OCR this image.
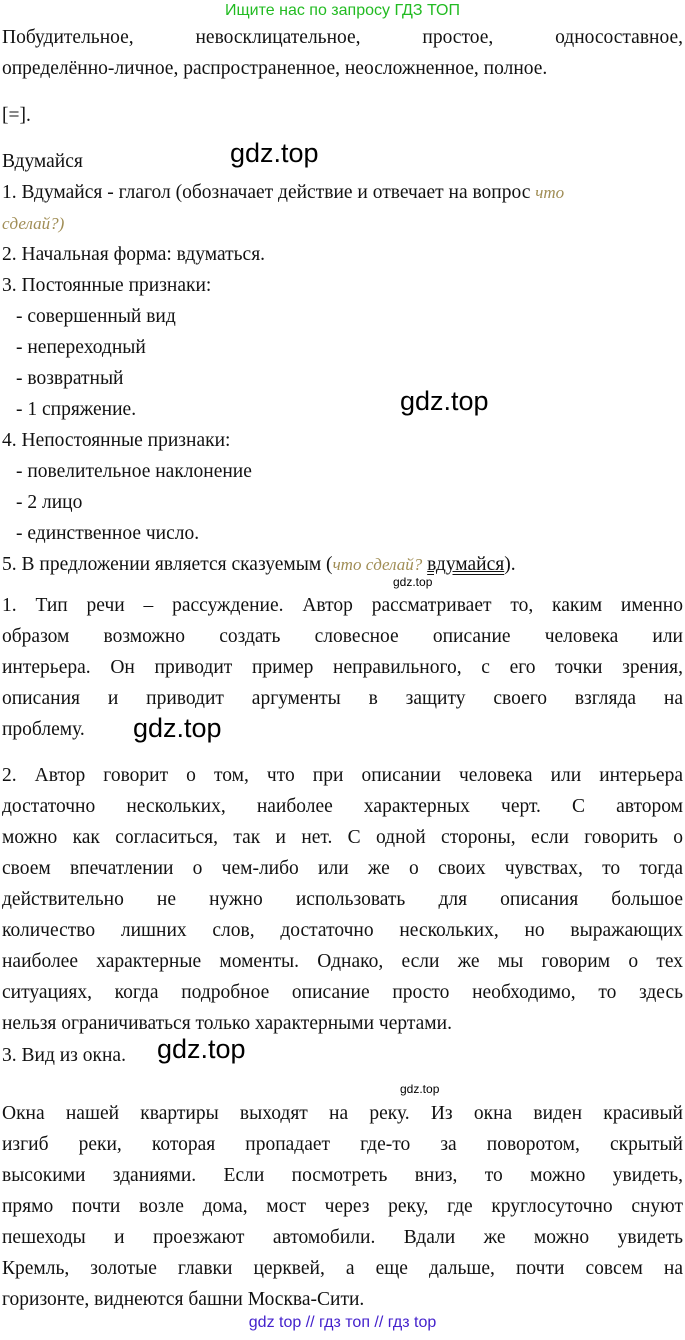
Ищите нас по запросу ГДЗ ТОП
Побудительное, невосклицательное, простое, односоставное,
определённо-личное, распространенное, неосложненное, полное.
[=].
Вдумайся
1. Вдумайся - глагол (обозначает действие и отвечает на вопрос что
сделай?)
2. Начальная форма: вдуматься.
3. Постоянные признаки:
- совершенный вид
- непереходный
- возвратный
- 1 спряжение.
4. Непостоянные признаки:
- повелительное наклонение
- 2 лицо
- единственное число.
5. В предложении является сказуемым (что сделай? вдумайся).
1. Тип речи – рассуждение. Автор рассматривает то, каким именно
образом возможно создать словесное описание человека или
интерьера. Он приводит пример неправильного, с его точки зрения,
описания и приводит аргументы в защиту своего взгляда на
проблему.
2. Автор говорит о том, что при описании человека или интерьера
достаточно нескольких, наиболее характерных черт. С автором
можно как согласиться, так и нет. С одной стороны, если говорить о
своем впечатлении о чем-либо или же о своих чувствах, то тогда
действительно не нужно использовать для описания большое
количество лишних слов, достаточно нескольких, но выражающих
наиболее характерные моменты. Однако, если же мы говорим о тех
ситуациях, когда подробное описание просто необходимо, то здесь
нельзя ограничиваться только характерными чертами.
3. Вид из окна.
Окна нашей квартиры выходят на реку. Из окна виден красивый
изгиб реки, которая пропадает где-то за поворотом, скрытый
высокими зданиями. Если посмотреть вниз, то можно увидеть,
прямо почти возле дома, мост через реку, где круглосуточно снуют
пешеходы и проезжают автомобили. Вдали же можно увидеть
Кремль, золотые главки церквей, а еще дальше, почти совсем на
горизонте, виднеются башни Москва-Сити.
gdz.top
gdz.top
gdz.top
gdz.top
gdz.top
gdz.top
gdz top // гдз топ // гдз top
